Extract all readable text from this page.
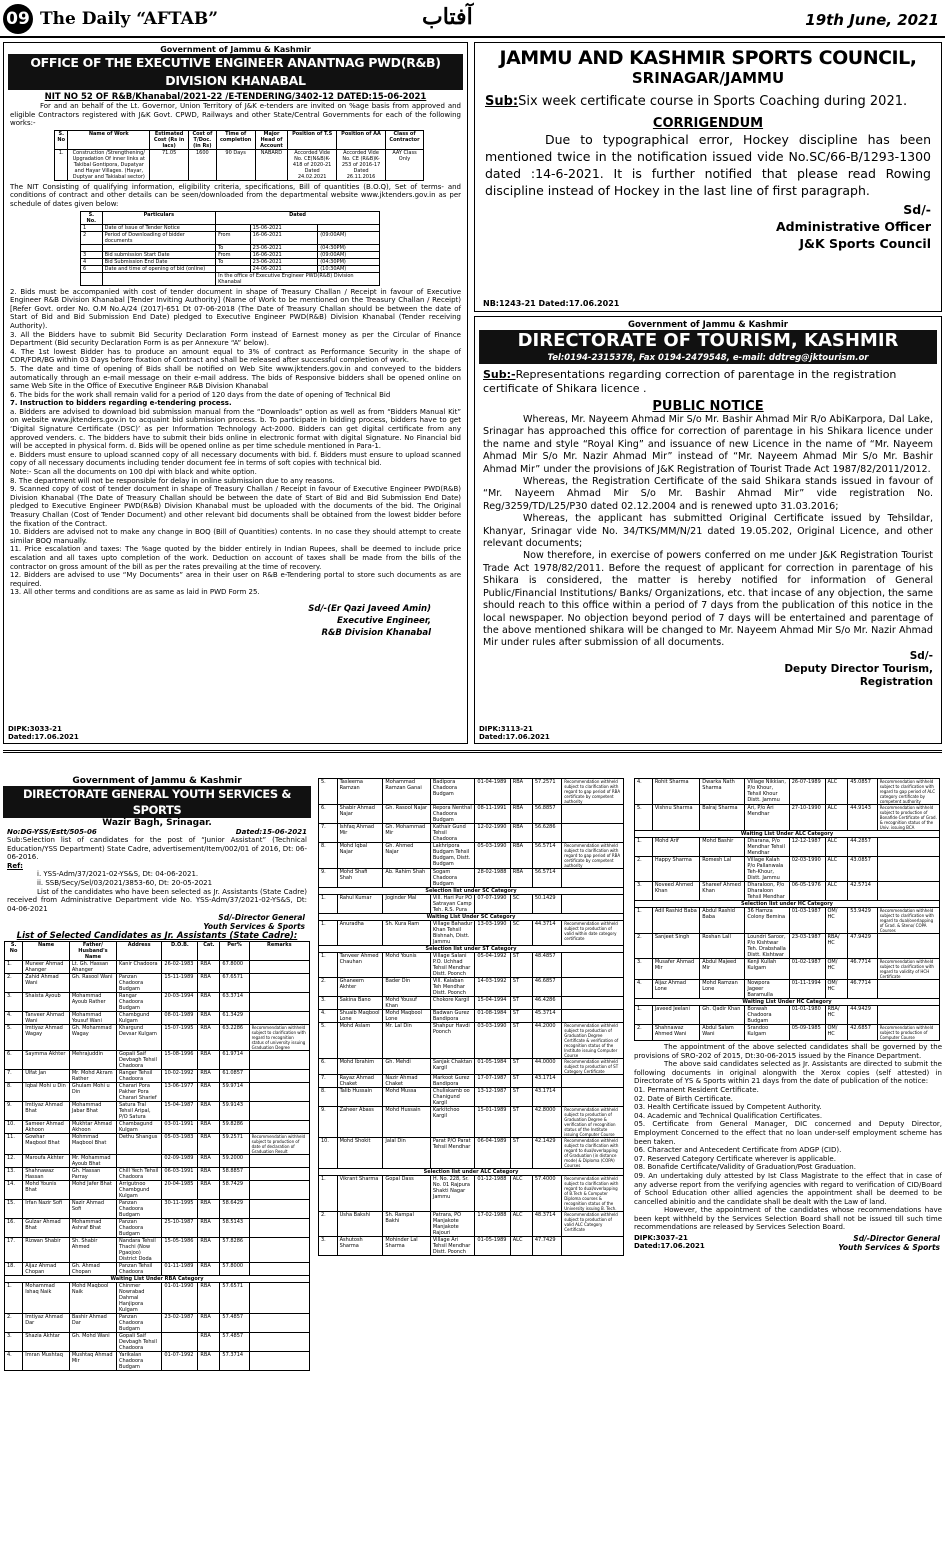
09 The Daily “AFTAB”	آفتاب	19th June, 2021
Government of Jammu & Kashmir
OFFICE OF THE EXECUTIVE ENGINEER ANANTNAG PWD(R&B)
DIVISION KHANABAL
NIT NO 52 OF R&B/Khanabal/2021-22 /E-TENDERING/3402-12 DATED:15-06-2021

For and an behalf of the Lt. Governor, Union Territory of J&K e-tenders are invited on %age basis from approved and eligible Contractors registered with J&K Govt. CPWD, Railways and other State/Central Governments for each of the following works:-

S. No	Name of Work	Estimated Cost (Rs in lacs)	Cost of T/Doc. (in Rs)	Time of completion	Major Head of Account	Position of T.S	Position of AA	Class of Contractor
1.	Construction /Strengthening/ Upgradation Of inner links at Takibal Gontipora, Dupatyar and Hayar Villages. (Hayar, Duptyar and Takiabal sector)	71.05	1600	90 Days	NABARD	Accorded Vide No. CE(N&B)K-418 of 2020-21 Dated 24.02.2021	Accorded Vide No. CE (R&B)K-253 of 2016-17 Dated 26.11.2016	AAY Class Only

The NIT Consisting of qualifying information, eligibility criteria, specifications, Bill of quantities (B.O.Q), Set of terms- and conditions of contract and other details can be seen/downloaded from the departmental website www.jktenders.gov.in as per schedule of dates given below:

S. No.	Particulars	Dated		
1	Date of Issue of Tender Notice		15-06-2021	
2	Period of Downloading of bidder documents	From	16-06-2021	(09:00AM)
		To	23-06-2021	(04:30PM)
3	Bid submission Start Date	From	16-06-2021	(09:00AM)
4	Bid Submission End Date	To	23-06-2021	(04:30PM)
6	Date and time of opening of bid (online)		24-06-2021	(10:30AM)
		In the office of Executive Engineer PWD(R&B) Division Khanabal		

2. Bids must be accompanied with cost of tender document in shape of Treasury Challan / Receipt in favour of Executive Engineer R&B Division Khanabal [Tender Inviting Authority] (Name of Work to be mentioned on the Treasury Challan / Receipt)[Refer Govt. order No. O.M No.A/24 (2017)-651 Dt 07-06-2018 (The Date of Treasury Challan should be between the date of Start of Bid and Bid Submission End Date) pledged to Executive Engineer PWD(R&B) Division Khanabal (Tender receiving Authority).

3. All the Bidders have to submit Bid Security Declaration Form instead of Earnest money as per the Circular of Finance Department (Bid security Declaration Form is as per Annexure “A” below).

4. The 1st lowest Bidder has to produce an amount equal to 3% of contract as Performance Security in the shape of CDR/FDR/BG within 03 Days before fixation of Contract and shall be released after successful completion of work.

5. The date and time of opening of Bids shall be notified on Web Site www.jktenders.gov.in and conveyed to the bidders automatically through an e-mail message on their e-mail address. The bids of Responsive bidders shall be opened online on same Web Site in the Office of Executive Engineer R&B Division Khanabal

6. The bids for the work shall remain valid for a period of 120 days from the date of opening of Technical Bid

7. Instruction to bidders regarding e-tendering process.

a. Bidders are advised to download bid submission manual from the “Downloads” option as well as from “Bidders Manual Kit” on website www.jktenders.gov.in to acquaint bid submission process. b. To participate in bidding process, bidders have to get ‘Digital Signature Certificate (DSC)’ as per Information Technology Act-2000. Bidders can get digital certificate from any approved venders. c. The bidders have to submit their bids online in electronic format with digital Signature. No Financial bid will be accepted in physical form. d. Bids will be opened online as per time schedule mentioned in Para-1.

e. Bidders must ensure to upload scanned copy of all necessary documents with bid. f. Bidders must ensure to upload scanned copy of all necessary documents including tender document fee in terms of soft copies with technical bid.

Note:- Scan all the documents on 100 dpi with black and white option.

8. The department will not be responsible for delay in online submission due to any reasons.

9. Scanned copy of cost of tender document in shape of Treasury Challan / Receipt in favour of Executive Engineer PWD(R&B) Division Khanabal (The Date of Treasury Challan should be between the date of Start of Bid and Bid Submission End Date) pledged to Executive Engineer PWD(R&B) Division Khanabal must be uploaded with the documents of the bid. The Original Treasury Challan (Cost of Tender Document) and other relevant bid documents shall be obtained from the lowest bidder before the fixation of the Contract.

10. Bidders are advised not to make any change in BOQ (Bill of Quantities) contents. In no case they should attempt to create similar BOQ manually.

11. Price escalation and taxes: The %age quoted by the bidder entirely in Indian Rupees, shall be deemed to include price escalation and all taxes upto completion of the work. Deduction on account of taxes shall be made from the bills of the contractor on gross amount of the bill as per the rates prevailing at the time of recovery.

12. Bidders are advised to use “My Documents” area in their user on R&B e-Tendering portal to store such documents as are required.

13. All other terms and conditions are as same as laid in PWD Form 25.

Sd/-(Er Qazi Javeed Amin)
Executive Engineer,
R&B Division Khanabal
DIPK:3033-21
Dated:17.06.2021
JAMMU AND KASHMIR SPORTS COUNCIL,
SRINAGAR/JAMMU

Sub:Six week certificate course in Sports Coaching during 2021.

CORRIGENDUM

Due to typographical error, Hockey discipline has been mentioned twice in the notification issued vide No.SC/66-B/1293-1300 dated :14-6-2021. It is further notified that please read Rowing discipline instead of Hockey in the last line of first paragraph.

Sd/-
Administrative Officer
J&K Sports Council
NB:1243-21 Dated:17.06.2021
Government of Jammu & Kashmir
DIRECTORATE OF TOURISM, KASHMIR
Tel:0194-2315378, Fax 0194-2479548, e-mail: ddtreg@jktourism.or

Sub:-Representations regarding correction of parentage in the registration certificate of Shikara licence .

PUBLIC NOTICE

Whereas, Mr. Nayeem Ahmad Mir S/o Mr. Bashir Ahmad Mir R/o AbiKarpora, Dal Lake, Srinagar has approached this office for correction of parentage in his Shikara licence under the name and style “Royal King” and issuance of new Licence in the name of “Mr. Nayeem Ahmad Mir S/o Mr. Nazir Ahmad Mir” instead of “Mr. Nayeem Ahmad Mir S/o Mr. Bashir Ahmad Mir” under the provisions of J&K Registration of Tourist Trade Act 1987/82/2011/2012.

Whereas, the Registration Certificate of the said Shikara stands issued in favour of “Mr. Nayeem Ahmad Mir S/o Mr. Bashir Ahmad Mir” vide registration No. Reg/3259/TD/L25/P30 dated 02.12.2004 and is renewed upto 31.03.2016;

Whereas, the applicant has submitted Original Certificate issued by Tehsildar, Khanyar, Srinagar vide No. 34/TKS/MM/N/21 dated 19.05.202, Original Licence, and other relevant documents;

Now therefore, in exercise of powers conferred on me under J&K Registration Tourist Trade Act 1978/82/2011. Before the request of applicant for correction in parentage of his Shikara is considered, the matter is hereby notified for information of General Public/Financial Institutions/ Banks/ Organizations, etc. that incase of any objection, the same should reach to this office within a period of 7 days from the publication of this notice in the local newspaper. No objection beyond period of 7 days will be entertained and parentage of the above mentioned shikara will be changed to Mr. Nayeem Ahmad Mir S/o Mr. Nazir Ahmad Mir under rules after submission of all documents.

Sd/-
Deputy Director Tourism,
Registration
DIPK:3113-21
Dated:17.06.2021
Government of Jammu & Kashmir
DIRECTORATE GENERAL YOUTH SERVICES & SPORTS
Wazir Bagh, Srinagar.
No:DG-YSS/Estt/505-06	Dated:15-06-2021

Sub:Selection list of candidates for the post of “Junior Assistant” (Technical Education/YSS Department) State Cadre, advertisement/Item/002/01 of 2016, Dt: 06-06-2016.

Ref:
i. YSS-Adm/37/2021-02-YS&S, Dt: 04-06-2021.
ii. SSB/Secy/Sel/03/2021/3853-60, Dt: 20-05-2021

List of the candidates who have been selected as Jr. Assistants (State Cadre) received from Administrative Department vide No. YSS-Adm/37/2021-02-YS&S, Dt: 04-06-2021

Sd/-Director General
Youth Services & Sports
List of Selected Candidates as Jr. Assistants (State Cadre):
S. No	Name	Father/ Husband's Name	Address	D.O.B.	Cat.	Per%	Remarks
1.	Muneer Ahmad Ahanger	Lt. Gh. Hassan Ahanger	Kanir Chadoora	26-02-1983	RBA	67.8000	
2.	Zahid Ahmad Wani	Gh. Rasool Wani	Panzan Chadoora Budgam	15-11-1989	RBA	67.6571	
3.	Shaista Ayoub	Mohammad Ayoub Rather	Rangar Chadoora Budgam	20-03-1994	RBA	63.3714	
4.	Tanveer Ahmad Wani	Mohammad Yousuf Wani	Chambgund Kulgam	08-01-1989	RBA	61.3429	
5.	Imtiyaz Ahmad Wagay	Gh. Mohammad Wagay	Khargund Devsar Kulgam	15-07-1995	RBA	63.2286	Recommendation withheld subject to clarification with regard to recognition status of university issuing Graduation Degree
6.	Saymma Akhter	Mehrajuddin	Gopali Saif Devbagh Tehsil Chadoora	15-08-1996	RBA	61.9714	
7.	Ulfat Jan	Mr. Mohd Akram Rather	Ranger Tehsil Chadoora	10-02-1992	RBA	61.0857	
8.	Iqbal Mohi u Din	Ghulam Mohi u Din	Charari Pora Pakher Pora Charari Sharief	13-06-1977	RBA	59.9714	
9.	Imtiyaz Ahmad Bhat	Mohammad Jabar Bhat	Satura Tral Tehsil Aripal, P/O Satura	15-04-1987	RBA	59.9143	
10.	Sameer Ahmad Akhoon	Mukhtar Ahmad Akhoon	Chambagund Kulgam	03-01-1991	RBA	59.8286	
11.	Gowhar Maqbool Bhat	Mohmmad Maqbool Bhat	Dethu Shangus	05-03-1983	RBA	59.2571	Recommendation withheld subject to production of date of declaration of Graduation Result
12.	Maroufa Akhter	Mr. Mohammad Ayoub Bhat		02-09-1989	RBA	59.2000	
13.	Shahnawaz Hassan	Gh. Hassan Parray	Chill Yech Tehsil Chadoora	06-03-1991	RBA	58.8857	
14.	Mohd Younis Bhat	Mohd Jafer Bhat	Arrigutnoo Chambgund Kulgam	20-04-1985	RBA	58.7429	
15.	Irfan Nazir Sofi	Nazir Ahmad Sofi	Panzan Chadoora Budgam	30-11-1995	RBA	58.6429	
16.	Gulzar Ahmad Bhat	Mohammad Ashraf Bhat	Panzan Chadoora Budgam	25-10-1987	RBA	58.5143	
17.	Rizwan Shabir	Sh. Shabir Ahmed	Nandara Tehsil Thachi (Now Pgaojoo) District Doda	15-05-1986	RBA	57.8286	
18.	Aijaz Ahmad Chopan	Gh. Ahmad Chopan	Panzan Tehsil Chadoora	01-11-1989	RBA	57.8000	
Waiting List Under RBA Category							
1.	Mohammad Ishaq Naik	Mohd Maqbool Naik	Chinmer Nowrabad Dahmal Hanjipora Kulgam	01-01-1990	RBA	57.6571	
2.	Imtiyaz Ahmad Dar	Bashir Ahmad Dar	Panzan Chadoora Budgam	23-02-1987	RBA	57.4857	
3.	Shazia Akhtar	Gh. Mohd Wani	Gopali Saif Devbagh Tehsil Chadoora		RBA	57.4857	
4.	Imran Mushtaq	Mushtaq Ahmad Mir	Yarikalan Chadoora Budgam	01-07-1992	RBA	57.3714	
5.	Tasleema Ramzan	Mohammad Ramzan Ganai	Badipora Chadoora Budgam	01-04-1989	RBA	57.2571	Recommendation withheld subject to clarification with regard to gap period of RBA certificate by competent authority
6.	Shabir Ahmad Najar	Gh. Rasool Najar	Repora Nenthal Chadoora Budgam	08-11-1991	RBA	56.8857	
7.	Ishfaq Ahmad Mir	Gh. Mohammad Mir	Kathair Gund Tehsil Chadoora	12-02-1990	RBA	56.6286	
8.	Mohd Iqbal Najar	Gh. Ahmed Najar	Lakhripora Budgam Tehsil Budgam, Distt. Budgam	05-03-1990	RBA	56.5714	Recommendation withheld subject to clarification with regard to gap period of RBA certificate by competent authority
9.	Mohd Shafi Shah	Ab. Rahim Shah	Sogam Chadoora Budgam	28-02-1988	RBA	56.5714	
Selection list under SC Category							
1.	Rahul Kumar	Joginder Mal	Vill. Hari Pur PO Satrayan Camp Teh. R.S. Pura	07-07-1990	SC	50.1429	
Waiting List Under SC Category							
1.	Anuradha	Sh. Kura Ram	Village Bahadur Khan Tehsil Bishnah, Distt. Jammu	13-03-1990	SC	44.3714	Recommendation withheld subject to production of valid within date category certificate
Selection list under ST Category							
1.	Tanveer Ahmed Chauhan	Mohd Younis	Village Salani P.O. Uchhad Tehsil Mendhar Distt. Poonch	05-04-1992	ST	48.4857	
2.	Ghaneem Akhter	Bader Din	Vill. Kalaban Teh Mendhar Distt. Poonch	14-03-1992	ST	46.6857	
3.	Sakina Bano	Mohd Yousuf Khan	Chokore Kargil	15-04-1994	ST	46.4286	
4.	Shuaib Maqbool Lone	Mohd Maqbool Lone	Badwan Gurez Bandipora	01-08-1984	ST	45.3714	
5.	Mohd Aslam	Mr. Lal Din	Shahpur Havdi Poonch	03-03-1990	ST	44.2000	Recommendation withheld subject to production of Graduation Degree Certificate & verification of recognition status of the Institute issuing Computer Course
6.	Mohd Ibrahim	Gh. Mehdi	Sanjak Chaktan Kargil	01-05-1984	ST	44.0000	Recommendation withheld subject to production of ST Category Certificate
7.	Rayaz Ahmad Chaket	Nazir Ahmad Chaket	Markoot Gurez Bandipora	17-07-1987	ST	43.1714	
8.	Talib Hussain	Mohd Mussa	Chuliskamb oo Chanigund Kargil	13-12-1987	ST	43.1714	
9.	Zaheer Abass	Mohd Hussain	Karkitchoo Kargil	15-01-1989	ST	42.8000	Recommendation withheld subject to production of Graduation Degree & verification of recognition status of the Institute issuing Computer Course
10.	Mohd Shokit	Jalal Din	Parat P/O Parat Tehsil Mendhar	06-04-1989	ST	42.1429	Recommendation withheld subject to clarification with regard to dual/overlapping of Graduation (in distance mode) & Diploma (COPA) Courses
Selection list under ALC Category							
1.	Vikrant Sharma	Gopal Dass	H. No. 228, Sr. No. 01 Rajpura Shakti Nagar Jammu	01-12-1988	ALC	57.4000	Recommendation withheld subject to clarification with regard to dual/overlapping of B.Tech & Computer Diploma courses & recognition status of the University issuing B. Tech.
2.	Usha Bakshi	Sh. Rampal Bakhi	Patrara, PO Manjakote Manjakote Rajouri	17-02-1988	ALC	48.3714	Recommendation withheld subject to production of valid ALC Category Certificate
3.	Ashutosh Sharma	Mohinder Lal Sharma	Village Ari Tehsil Mendhar Distt. Poonch	01-05-1989	ALC	47.7429	
4.	Rohit Sharma	Dwarka Nath Sharma	Village Nikkian, P/o Khour, Tehsil Khour Distt. Jammu	26-07-1989	ALC	45.0857	Recommendation withheld subject to clarification with regard to gap period of ALC category certificate by competent authority
5.	Vishnu Sharma	Balraj Sharma	Ari, P/o Ari Mendhar	27-10-1990	ALC	44.9143	Recommendation withheld subject to production of Bonafide Certificate of Grad. & recognition status of the Univ. issuing BCA
Waiting List Under ALC Category							
1.	Mohd Arif	Mohd Bashir	Dharana, P/o Mendhar Tehsil Mendhar	12-12-1987	ALC	44.2857	
2.	Happy Sharma	Romesh Lal	Village Kalah P/o Pallanwala Teh-Khour, Distt. Jammu	02-03-1990	ALC	43.0857	
3.	Noveed Ahmed Khan	Shareef Ahmed Khan	Dharaloon, P/o Dharaloon Tehsil Mendhar	06-05-1976	ALC	42.5714	
Selection list under HC Category							
1.	Adil Rashid Baba	Abdul Rashid Baba	36 Hamza Colony Bemina	01-03-1987	OM/ HC	53.9429	Recommendation withheld subject to clarification with regard to dual/overlapping of Grad. & Steno/ COPA Courses
2.	Sanjeet Singh	Roshan Lall	Loundri Saroor, P/o Kishtwar Teh. Drabshalla Distt. Kishtwar	23-03-1987	RBA/ HC	47.9429	
3.	Musafer Ahmad Mir	Abdul Majeed Mir	Kenji Kullah Kulgam	01-02-1987	OM/ HC	46.7714	Recommendation withheld subject to clarification with regard to validity of HCH Certificate
4.	Aijaz Ahmad Lone	Mohd Ramzan Lone	Nowpora Jageer Baramulla	01-11-1994	OM/ HC	46.7714	
Waiting List Under HC Category							
1.	Javeed Jeelani	Gh. Qadir Khan	Bonwah Chadoora Budgam	01-01-1980	RBA/ HC	44.9429	
2.	Shahnawaz Ahmed Wani	Abdul Salam Wani	Srandoo Kulgam	05-09-1985	OM/ HC	42.6857	Recommendation withheld subject to production of Computer Course

The appointment of the above selected candidates shall be governed by the provisions of SRO-202 of 2015, Dt:30-06-2015 issued by the Finance Department.

The above said candidates selected as Jr. Assistants are directed to submit the following documents in original alongwith the Xerox copies (self attested) in Directorate of YS & Sports within 21 days from the date of publication of the notice:

01. Permanent Resident Certificate.

02. Date of Birth Certificate.

03. Health Certificate issued by Competent Authority.

04. Academic and Technical Qualification Certificates.

05. Certificate from General Manager, DIC concerned and Deputy Director, Employment Concerned to the effect that no loan under-self employment scheme has been taken.

06. Character and Antecedent Certificate from ADGP (CID).

07. Reserved Category Certificate wherever is applicable.

08. Bonafide Certificate/Validity of Graduation/Post Graduation.

09. An undertaking duly attested by Ist Class Magistrate to the effect that in case of any adverse report from the verifying agencies with regard to verification of CID/Board of School Education other allied agencies the appointment shall be deemed to be cancelled abinitio and the candidate shall be dealt with the Law of land.

However, the appointment of the candidates whose recommendations have been kept withheld by the Services Selection Board shall not be issued till such time recommendations are released by Services Selection Board.

DIPK:3037-21
Dated:17.06.2021
Sd/-Director General
Youth Services & Sports
